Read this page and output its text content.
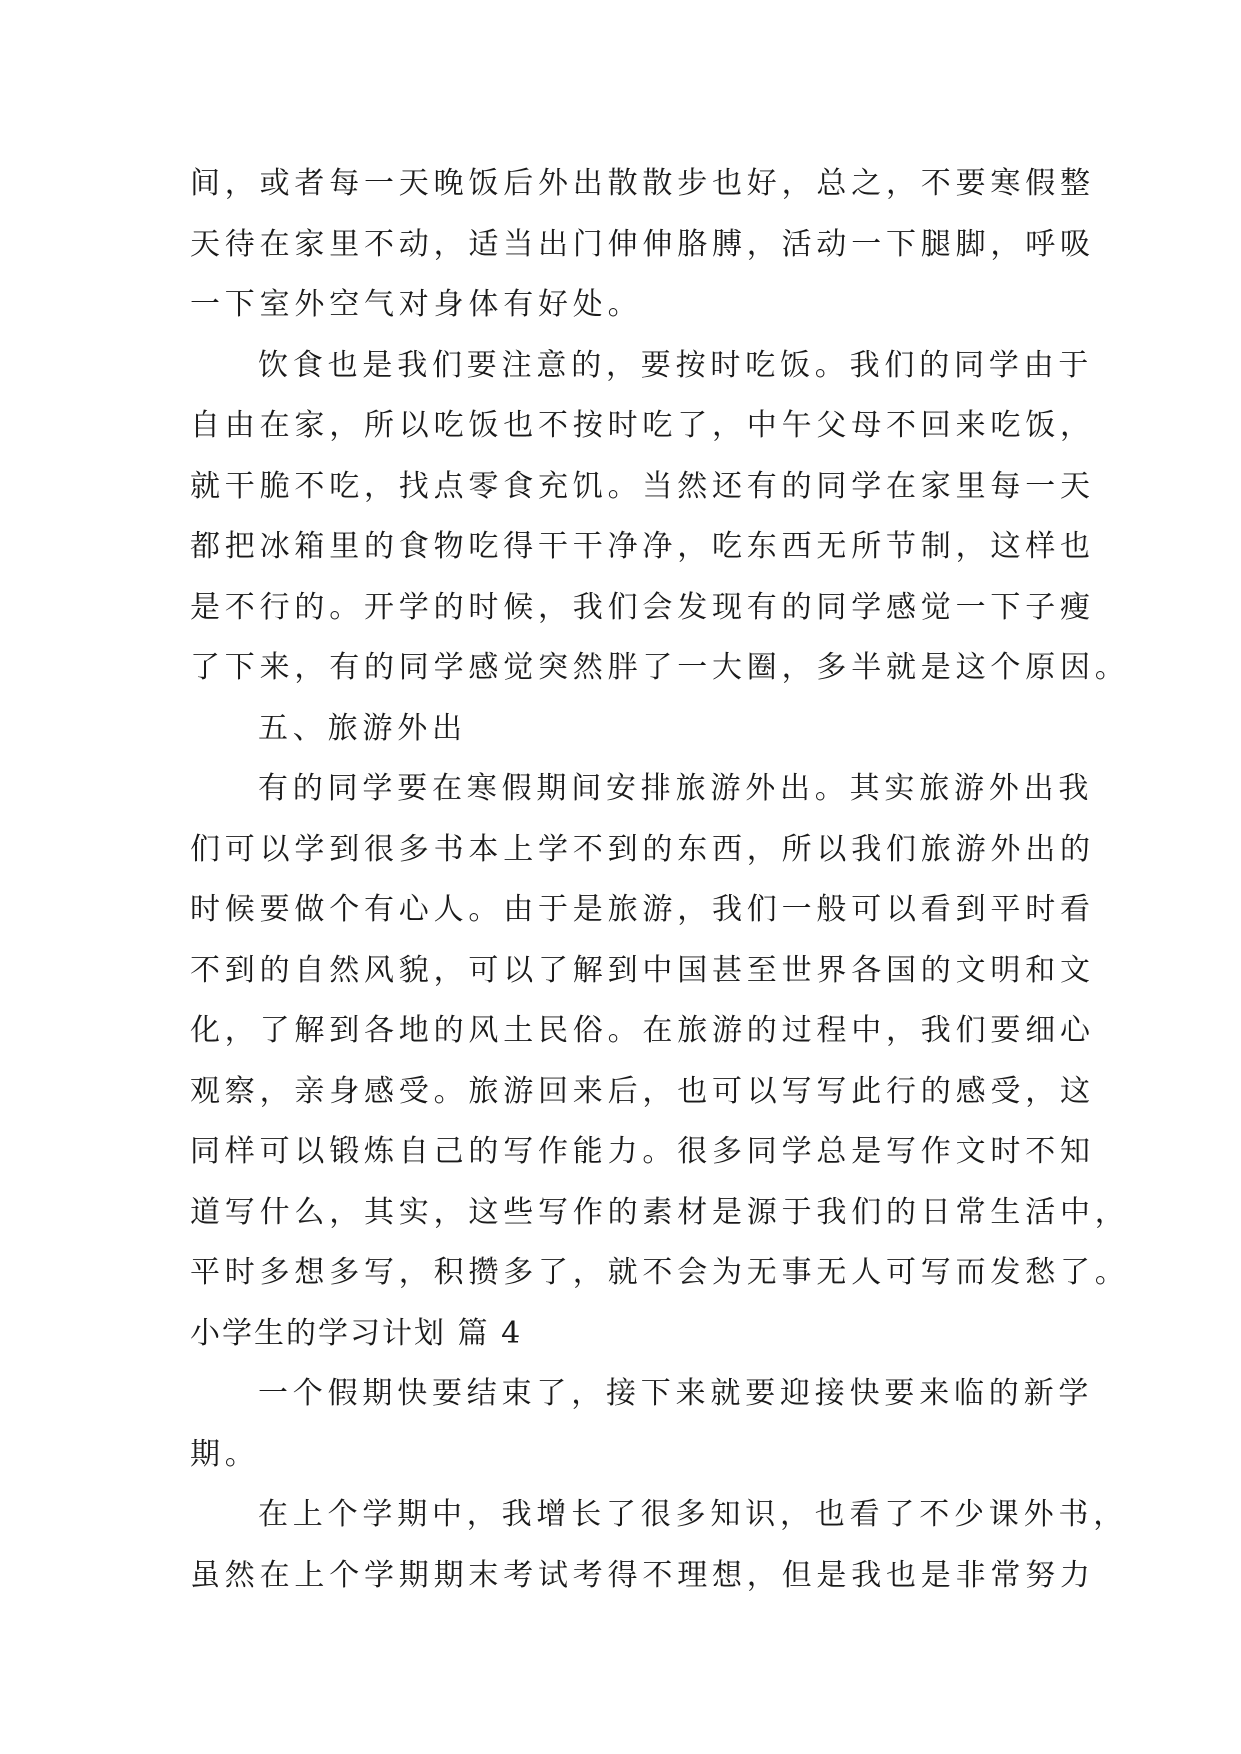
间，或者每一天晚饭后外出散散步也好，总之，不要寒假整
天待在家里不动，适当出门伸伸胳膊，活动一下腿脚，呼吸
一下室外空气对身体有好处。
饮食也是我们要注意的，要按时吃饭。我们的同学由于
自由在家，所以吃饭也不按时吃了，中午父母不回来吃饭，
就干脆不吃，找点零食充饥。当然还有的同学在家里每一天
都把冰箱里的食物吃得干干净净，吃东西无所节制，这样也
是不行的。开学的时候，我们会发现有的同学感觉一下子瘦
了下来，有的同学感觉突然胖了一大圈，多半就是这个原因。
五、旅游外出
有的同学要在寒假期间安排旅游外出。其实旅游外出我
们可以学到很多书本上学不到的东西，所以我们旅游外出的
时候要做个有心人。由于是旅游，我们一般可以看到平时看
不到的自然风貌，可以了解到中国甚至世界各国的文明和文
化，了解到各地的风土民俗。在旅游的过程中，我们要细心
观察，亲身感受。旅游回来后，也可以写写此行的感受，这
同样可以锻炼自己的写作能力。很多同学总是写作文时不知
道写什么，其实，这些写作的素材是源于我们的日常生活中，
平时多想多写，积攒多了，就不会为无事无人可写而发愁了。
小学生的学习计划 篇 4
一个假期快要结束了，接下来就要迎接快要来临的新学
期。
在上个学期中，我增长了很多知识，也看了不少课外书，
虽然在上个学期期末考试考得不理想，但是我也是非常努力
